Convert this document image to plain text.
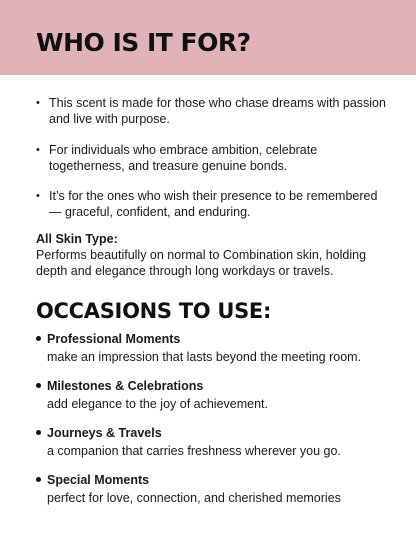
WHO IS IT FOR?
• This scent is made for those who chase dreams with passion and live with purpose.
• For individuals who embrace ambition, celebrate togetherness, and treasure genuine bonds.
• It’s for the ones who wish their presence to be remembered — graceful, confident, and enduring.
All Skin Type:
Performs beautifully on normal to Combination skin, holding depth and elegance through long workdays or travels.
OCCASIONS TO USE:
Professional Moments
make an impression that lasts beyond the meeting room.
Milestones & Celebrations
add elegance to the joy of achievement.
Journeys & Travels
a companion that carries freshness wherever you go.
Special Moments
perfect for love, connection, and cherished memories
